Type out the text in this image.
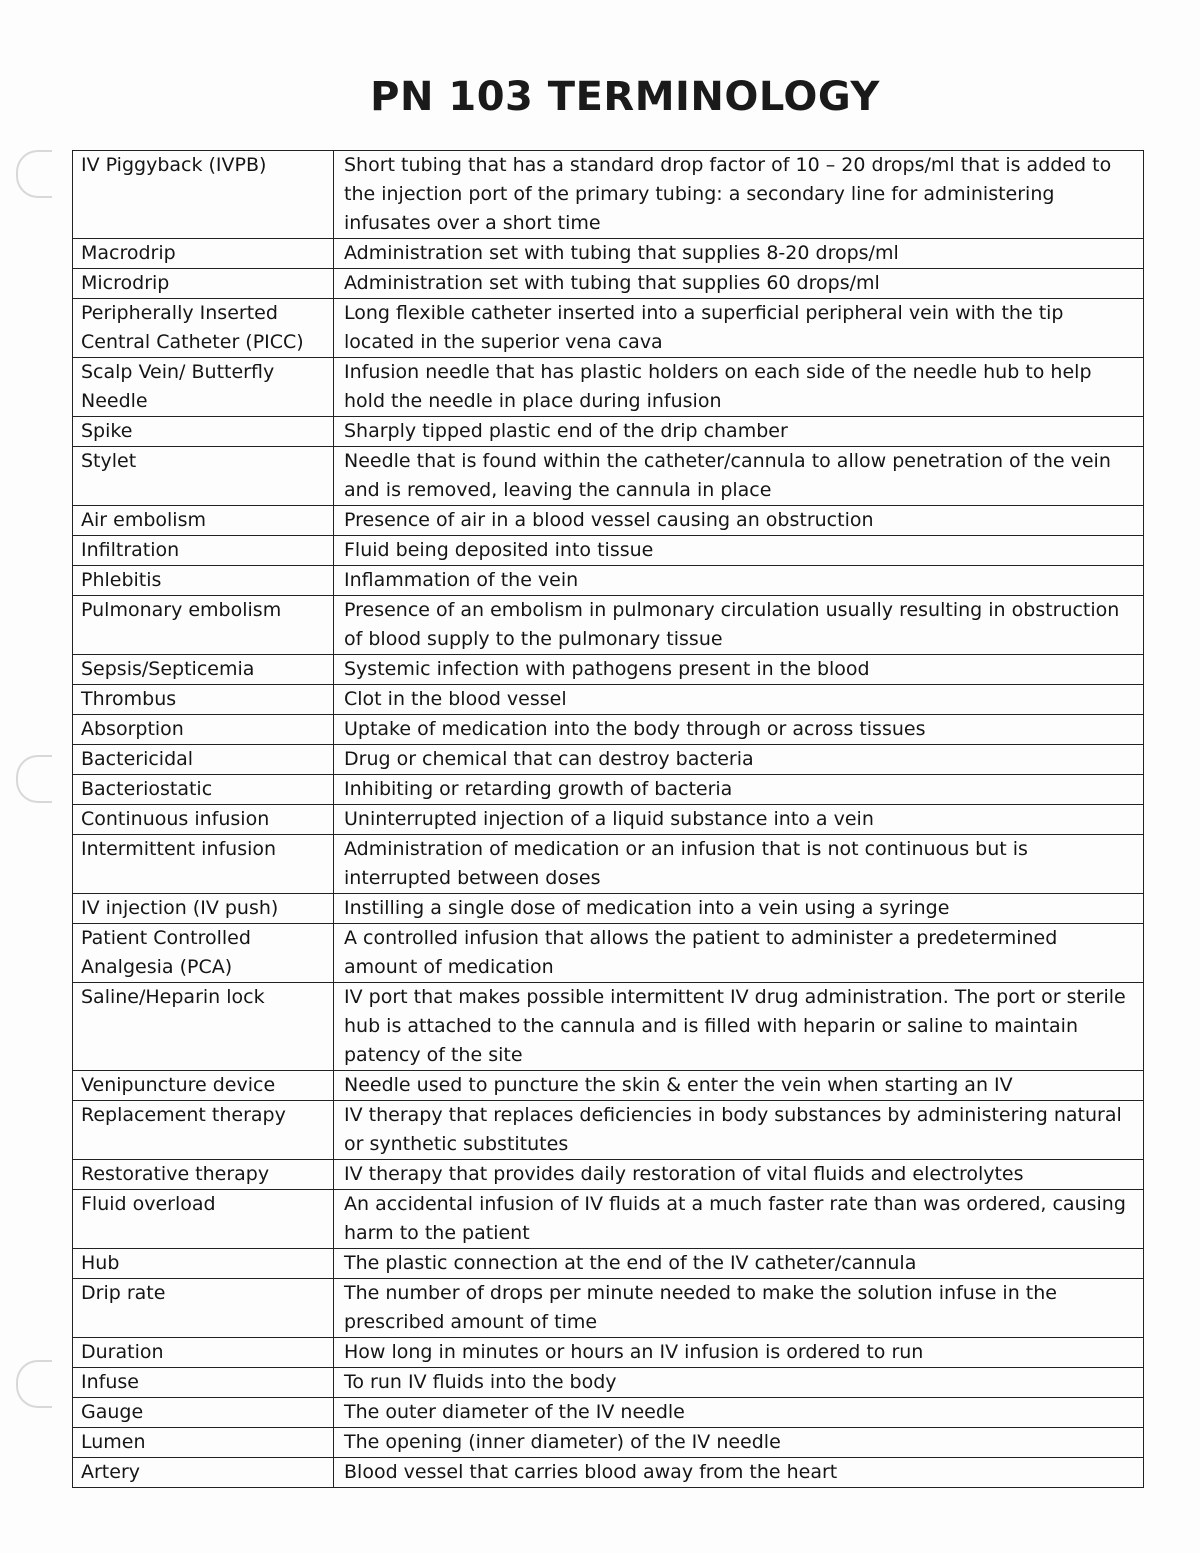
PN 103 TERMINOLOGY
IV Piggyback (IVPB)	Short tubing that has a standard drop factor of 10 – 20 drops/ml that is added to the injection port of the primary tubing: a secondary line for administering infusates over a short time
Macrodrip	Administration set with tubing that supplies 8-20 drops/ml
Microdrip	Administration set with tubing that supplies 60 drops/ml
Peripherally Inserted Central Catheter (PICC)	Long flexible catheter inserted into a superficial peripheral vein with the tip located in the superior vena cava
Scalp Vein/ Butterfly Needle	Infusion needle that has plastic holders on each side of the needle hub to help hold the needle in place during infusion
Spike	Sharply tipped plastic end of the drip chamber
Stylet	Needle that is found within the catheter/cannula to allow penetration of the vein and is removed, leaving the cannula in place
Air embolism	Presence of air in a blood vessel causing an obstruction
Infiltration	Fluid being deposited into tissue
Phlebitis	Inflammation of the vein
Pulmonary embolism	Presence of an embolism in pulmonary circulation usually resulting in obstruction of blood supply to the pulmonary tissue
Sepsis/Septicemia	Systemic infection with pathogens present in the blood
Thrombus	Clot in the blood vessel
Absorption	Uptake of medication into the body through or across tissues
Bactericidal	Drug or chemical that can destroy bacteria
Bacteriostatic	Inhibiting or retarding growth of bacteria
Continuous infusion	Uninterrupted injection of a liquid substance into a vein
Intermittent infusion	Administration of medication or an infusion that is not continuous but is interrupted between doses
IV injection (IV push)	Instilling a single dose of medication into a vein using a syringe
Patient Controlled Analgesia (PCA)	A controlled infusion that allows the patient to administer a predetermined amount of medication
Saline/Heparin lock	IV port that makes possible intermittent IV drug administration. The port or sterile hub is attached to the cannula and is filled with heparin or saline to maintain patency of the site
Venipuncture device	Needle used to puncture the skin & enter the vein when starting an IV
Replacement therapy	IV therapy that replaces deficiencies in body substances by administering natural or synthetic substitutes
Restorative therapy	IV therapy that provides daily restoration of vital fluids and electrolytes
Fluid overload	An accidental infusion of IV fluids at a much faster rate than was ordered, causing harm to the patient
Hub	The plastic connection at the end of the IV catheter/cannula
Drip rate	The number of drops per minute needed to make the solution infuse in the prescribed amount of time
Duration	How long in minutes or hours an IV infusion is ordered to run
Infuse	To run IV fluids into the body
Gauge	The outer diameter of the IV needle
Lumen	The opening (inner diameter) of the IV needle
Artery	Blood vessel that carries blood away from the heart
